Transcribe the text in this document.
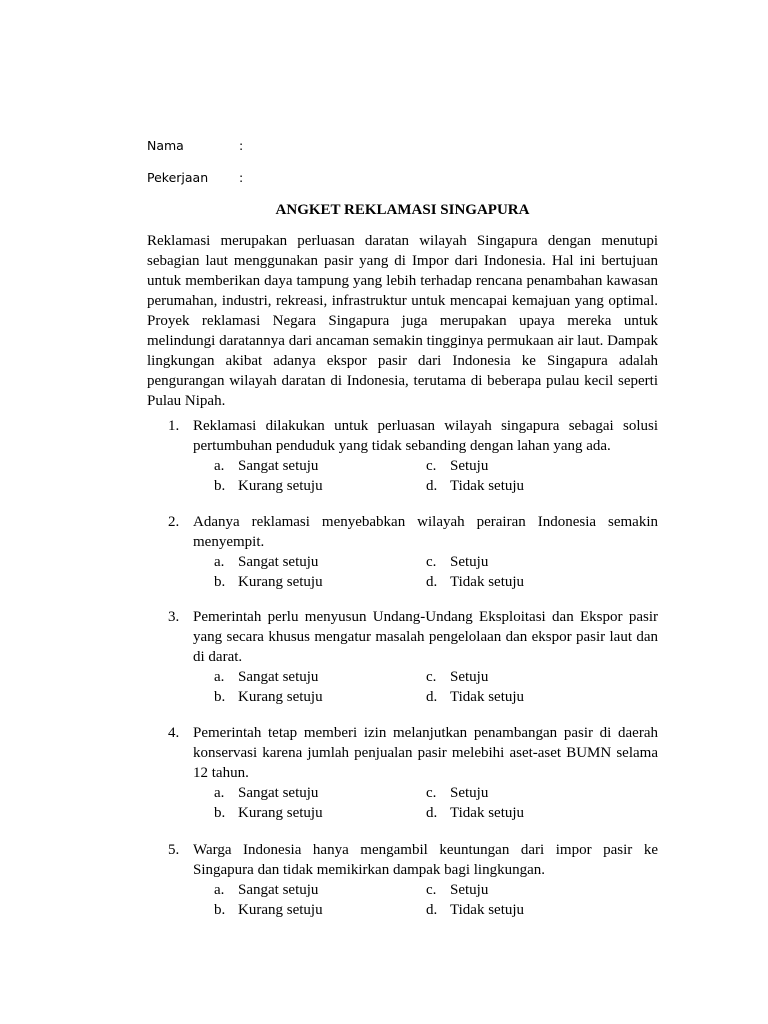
Nama	:
Pekerjaan :
ANGKET REKLAMASI SINGAPURA

Reklamasi merupakan perluasan daratan wilayah Singapura dengan menutupi sebagian laut menggunakan pasir yang di Impor dari Indonesia. Hal ini bertujuan untuk memberikan daya tampung yang lebih terhadap rencana penambahan kawasan perumahan, industri, rekreasi, infrastruktur untuk mencapai kemajuan yang optimal. Proyek reklamasi Negara Singapura juga merupakan upaya mereka untuk melindungi daratannya dari ancaman semakin tingginya permukaan air laut. Dampak lingkungan akibat adanya ekspor pasir dari Indonesia ke Singapura adalah pengurangan wilayah daratan di Indonesia, terutama di beberapa pulau kecil seperti Pulau Nipah.

1. Reklamasi dilakukan untuk perluasan wilayah singapura sebagai solusi pertumbuhan penduduk yang tidak sebanding dengan lahan yang ada.

a. Sangat setuju	c. Setuju
b. Kurang setuju	d. Tidak setuju
2. Adanya reklamasi menyebabkan wilayah perairan Indonesia semakin menyempit.

a. Sangat setuju	c. Setuju
b. Kurang setuju	d. Tidak setuju
3. Pemerintah perlu menyusun Undang-Undang Eksploitasi dan Ekspor pasir yang secara khusus mengatur masalah pengelolaan dan ekspor pasir laut dan di darat.

a. Sangat setuju	c. Setuju
b. Kurang setuju	d. Tidak setuju
4. Pemerintah tetap memberi izin melanjutkan penambangan pasir di daerah konservasi karena jumlah penjualan pasir melebihi aset-aset BUMN selama 12 tahun.

a. Sangat setuju	c. Setuju
b. Kurang setuju	d. Tidak setuju
5. Warga Indonesia hanya mengambil keuntungan dari impor pasir ke Singapura dan tidak memikirkan dampak bagi lingkungan.

a. Sangat setuju	c. Setuju
b. Kurang setuju	d. Tidak setuju
